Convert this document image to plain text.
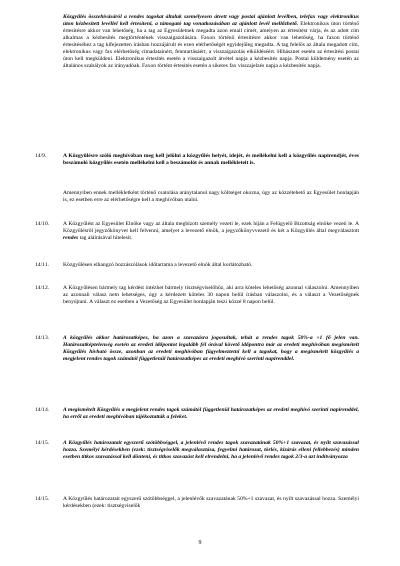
Közgyűlés összehívásáról a rendes tagokat általuk személyesen átvett vagy postai ajánlott levélben, telefax vagy elektronikus úton kézbesített levéllel kell értesíteni, a támogató tag vonatkozásában az ajánlott levél mellőzhető. Elektronikus úton történő értesítésre akkor van lehetőség, ha a tag az Egyesületnek megadta azon email címét, amelyen az értesítést várja, és az adott cím alkalmas a kézbesítés megtörténtének visszaigazolására. Faxon történő értesítésre akkor van lehetőség, ha faxon történő értesítéséhez a tag kifejezetten írásban hozzájárult és ezen elérhetőségét egyidejűleg megadta. A tag felelős az általa megadott cím, elektronikus vagy fax elérhetőség címadatainért, fenntartásáért, a visszaigazolás elküldéséért. Hibásznet esetén az értesítési postai úton kell megküldeni. Elektronikus értesítés esetén a visszaigazolt átvétel napja a kézbesítés napja. Postai küldemény esetén az általános szabályok az irányadóak. Faxon történt értesítés esetén a sikeres fax visszajelzés napja a kézbesítés napja.

14/9.	A Közgyűlésre szóló meghívóban meg kell jelölni a közgyűlés helyét, idejét, és mellékelni kell a közgyűlés napirendjét, éves beszámoló közgyűlés esetén mellékelni kell a beszámolót és annak mellékleteit is.

Amennyiben ennek mellékletként történő csatolása aránytalanul nagy költséget okozna, úgy az közzétehető az Egyesület honlapján is, ez esetben erre az elérhetőségre kell a meghívóban utalni.

14/10. A Közgyűlést az Egyesület Elnöke vagy az általa megbízott személy vezeti le, ezek híján a Felügyelő Bizottság elnöke vezeti le. A Közgyűlésről jegyzőkönyvet kell felvenni, amelyet a levezető elnök, a jegyzőkönyvvezető és két a Közgyűlés által megválasztott rendes tag aláírásával hitelesít.

14/11.	Közgyűlésen elhangzó hozzászólások időtartama a levezető elnök által korlátozható.

14/12. A Közgyűlésen bármely tag kérdést intézhet bármely tisztségviselőhöz, aki arra köteles lehetőség azonnal válaszolni. Amennyiben az azonnali válasz nem lehetséges, úgy a kérdezett köteles 30 napon belül írásban válaszolni, és a választ a Vezetőségnek benyújtani. A választ ez esetben a Vezetőség az Egyesület honlapján teszi közzé 8 napon belül.

14/13. A közgyűlés akkor határozatképes, ha azon a szavazásra jogosultak, tehát a rendes tagok 50%-a +1 fő jelen van. Határozatképtelenség esetén az eredeti időpontot legalább fél órával követő időpontra már az eredeti meghívóban megismételt Közgyűlés hívható össze, azonban az eredeti meghívóban fügyelmeztetni kell a tagokat, hogy a megismételt közgyűlés a megjelent rendes tagok számától függetlenül határozatképes az eredeti meghívó szerinti napirenddel.

14/14. A megismételt Közgyűlés a megjelent rendes tagok számától függetlenül határozatképes az eredeti meghívó szerinti napirenddel, ha erről az eredeti meghívóban tájékoztatták a feleket.

14/15. A Közgyűlés határozatait egyszerű szótöbbséggel, a jelenlévő rendes tagok szavazatának 50%+1 szavazat, és nyílt szavazással hozza. Személyi kérdésekben (ezek: tisztségviselők megválasztása, fegyelmi határozat, törlés, kizárás elleni fellebbezés) minden esetben titkos szavazással kell dönteni, és titkos szavazást kell elrendelni, ha a jelenlévő rendes tagok 2/3-a azt indítványozza

14/15. A Közgyűlés határozatait egyszerű szótöbbséggel, a jelenlévők szavazatának 50%+1 szavazat, és nyílt szavazással hozza. Személyi kérdésekben (ezek: tisztségviselők

9
